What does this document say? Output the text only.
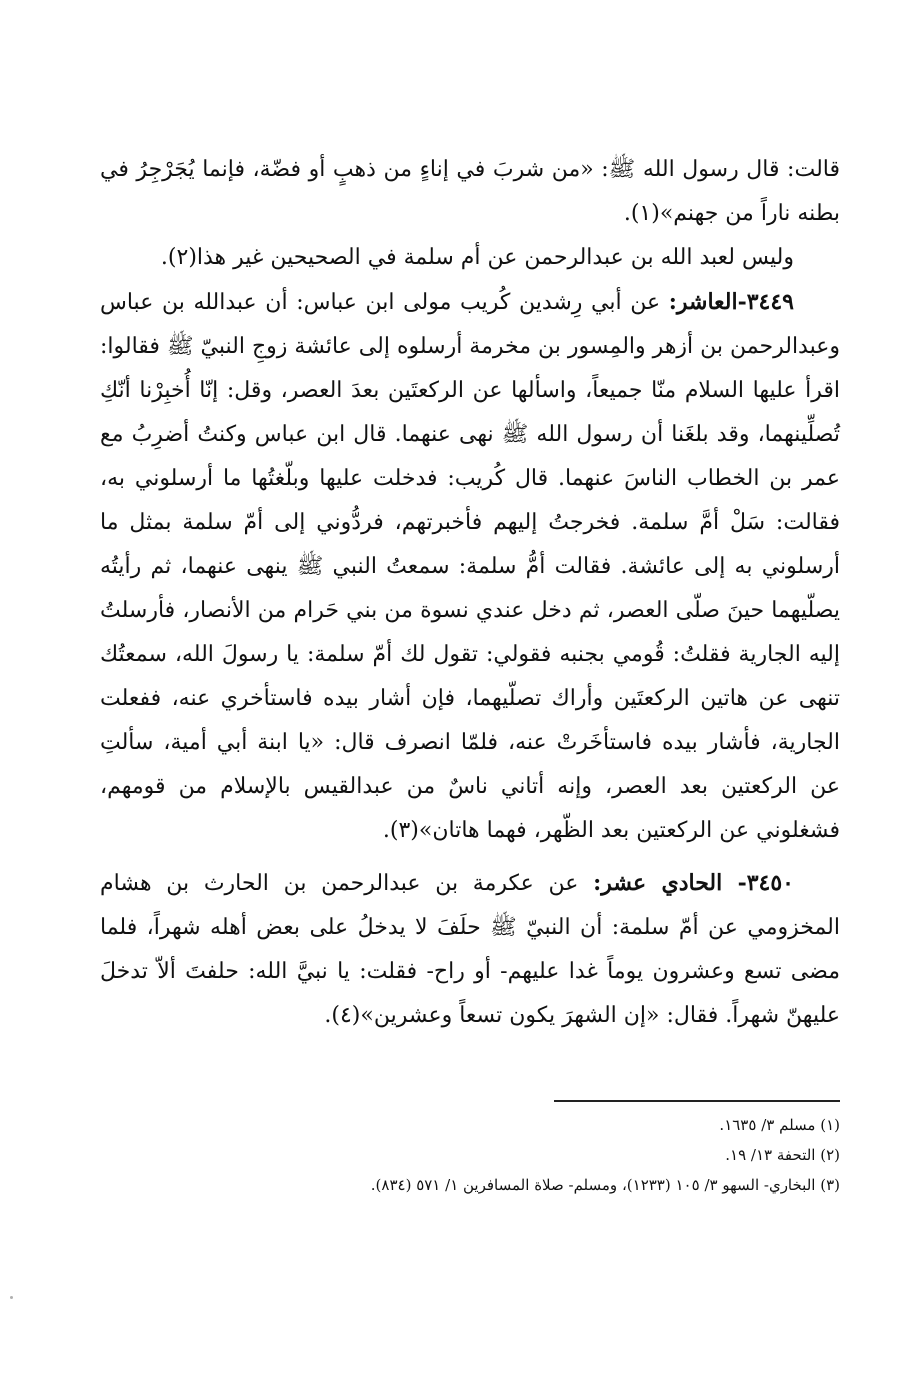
قالت: قال رسول الله ﷺ: «من شربَ في إناءٍ من ذهبٍ أو فضّة، فإنما يُجَرْجِرُ في بطنه ناراً من جهنم»(١).

وليس لعبد الله بن عبدالرحمن عن أم سلمة في الصحيحين غير هذا(٢).

٣٤٤٩-العاشر: عن أبي رِشدين كُريب مولى ابن عباس: أن عبدالله بن عباس وعبدالرحمن بن أزهر والمِسور بن مخرمة أرسلوه إلى عائشة زوجِ النبيّ ﷺ فقالوا: اقرأ عليها السلام منّا جميعاً، واسألها عن الركعتَين بعدَ العصر، وقل: إنّا أُخبِرْنا أنّكِ تُصلِّينهما، وقد بلغَنا أن رسول الله ﷺ نهى عنهما. قال ابن عباس وكنتُ أضرِبُ مع عمر بن الخطاب الناسَ عنهما. قال كُريب: فدخلت عليها وبلّغتُها ما أرسلوني به، فقالت: سَلْ أمَّ سلمة. فخرجتُ إليهم فأخبرتهم، فردُّوني إلى أمّ سلمة بمثل ما أرسلوني به إلى عائشة. فقالت أمُّ سلمة: سمعتُ النبي ﷺ ينهى عنهما، ثم رأيتُه يصلّيهما حينَ صلّى العصر، ثم دخل عندي نسوة من بني حَرام من الأنصار، فأرسلتُ إليه الجارية فقلتُ: قُومي بجنبه فقولي: تقول لك أمّ سلمة: يا رسولَ الله، سمعتُك تنهى عن هاتين الركعتَين وأراك تصلّيهما، فإن أشار بيده فاستأخري عنه، ففعلت الجارية، فأشار بيده فاستأخَرتْ عنه، فلمّا انصرف قال: «يا ابنة أبي أمية، سألتِ عن الركعتين بعد العصر، وإنه أتاني ناسٌ من عبدالقيس بالإسلام من قومهم، فشغلوني عن الركعتين بعد الظّهر، فهما هاتان»(٣).

٣٤٥٠- الحادي عشر: عن عكرمة بن عبدالرحمن بن الحارث بن هشام المخزومي عن أمّ سلمة: أن النبيّ ﷺ حلَفَ لا يدخلُ على بعض أهله شهراً، فلما مضى تسع وعشرون يوماً غدا عليهم- أو راح- فقلت: يا نبيَّ الله: حلفتَ ألاّ تدخلَ عليهنّ شهراً. فقال: «إن الشهرَ يكون تسعاً وعشرين»(٤).

(١) مسلم ٣/ ١٦٣٥.

(٢) التحفة ١٣/ ١٩.

(٣) البخاري- السهو ٣/ ١٠٥ (١٢٣٣)، ومسلم- صلاة المسافرين ١/ ٥٧١ (٨٣٤).
